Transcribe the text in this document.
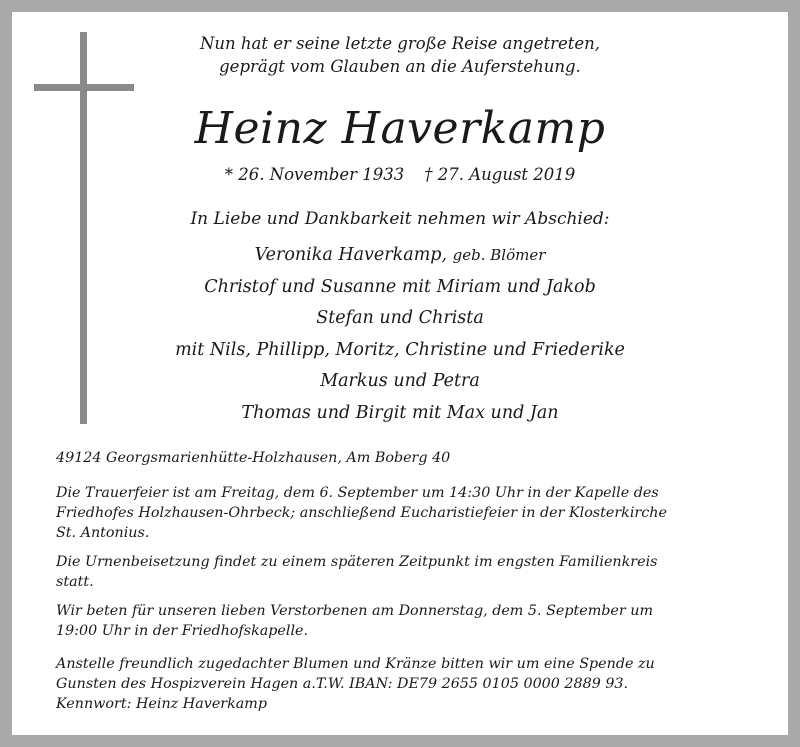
Nun hat er seine letzte große Reise angetreten,
geprägt vom Glauben an die Auferstehung.
Heinz Haverkamp
* 26. November 1933 † 27. August 2019
In Liebe und Dankbarkeit nehmen wir Abschied:
Veronika Haverkamp, geb. Blömer
Christof und Susanne mit Miriam und Jakob
Stefan und Christa
mit Nils, Phillipp, Moritz, Christine und Friederike
Markus und Petra
Thomas und Birgit mit Max und Jan
49124 Georgsmarienhütte-Holzhausen, Am Boberg 40
Die Trauerfeier ist am Freitag, dem 6. September um 14:30 Uhr in der Kapelle des
Friedhofes Holzhausen-Ohrbeck; anschließend Eucharistiefeier in der Klosterkirche
St. Antonius.
Die Urnenbeisetzung findet zu einem späteren Zeitpunkt im engsten Familienkreis
statt.
Wir beten für unseren lieben Verstorbenen am Donnerstag, dem 5. September um
19:00 Uhr in der Friedhofskapelle.
Anstelle freundlich zugedachter Blumen und Kränze bitten wir um eine Spende zu
Gunsten des Hospizverein Hagen a.T.W. IBAN: DE79 2655 0105 0000 2889 93.
Kennwort: Heinz Haverkamp
